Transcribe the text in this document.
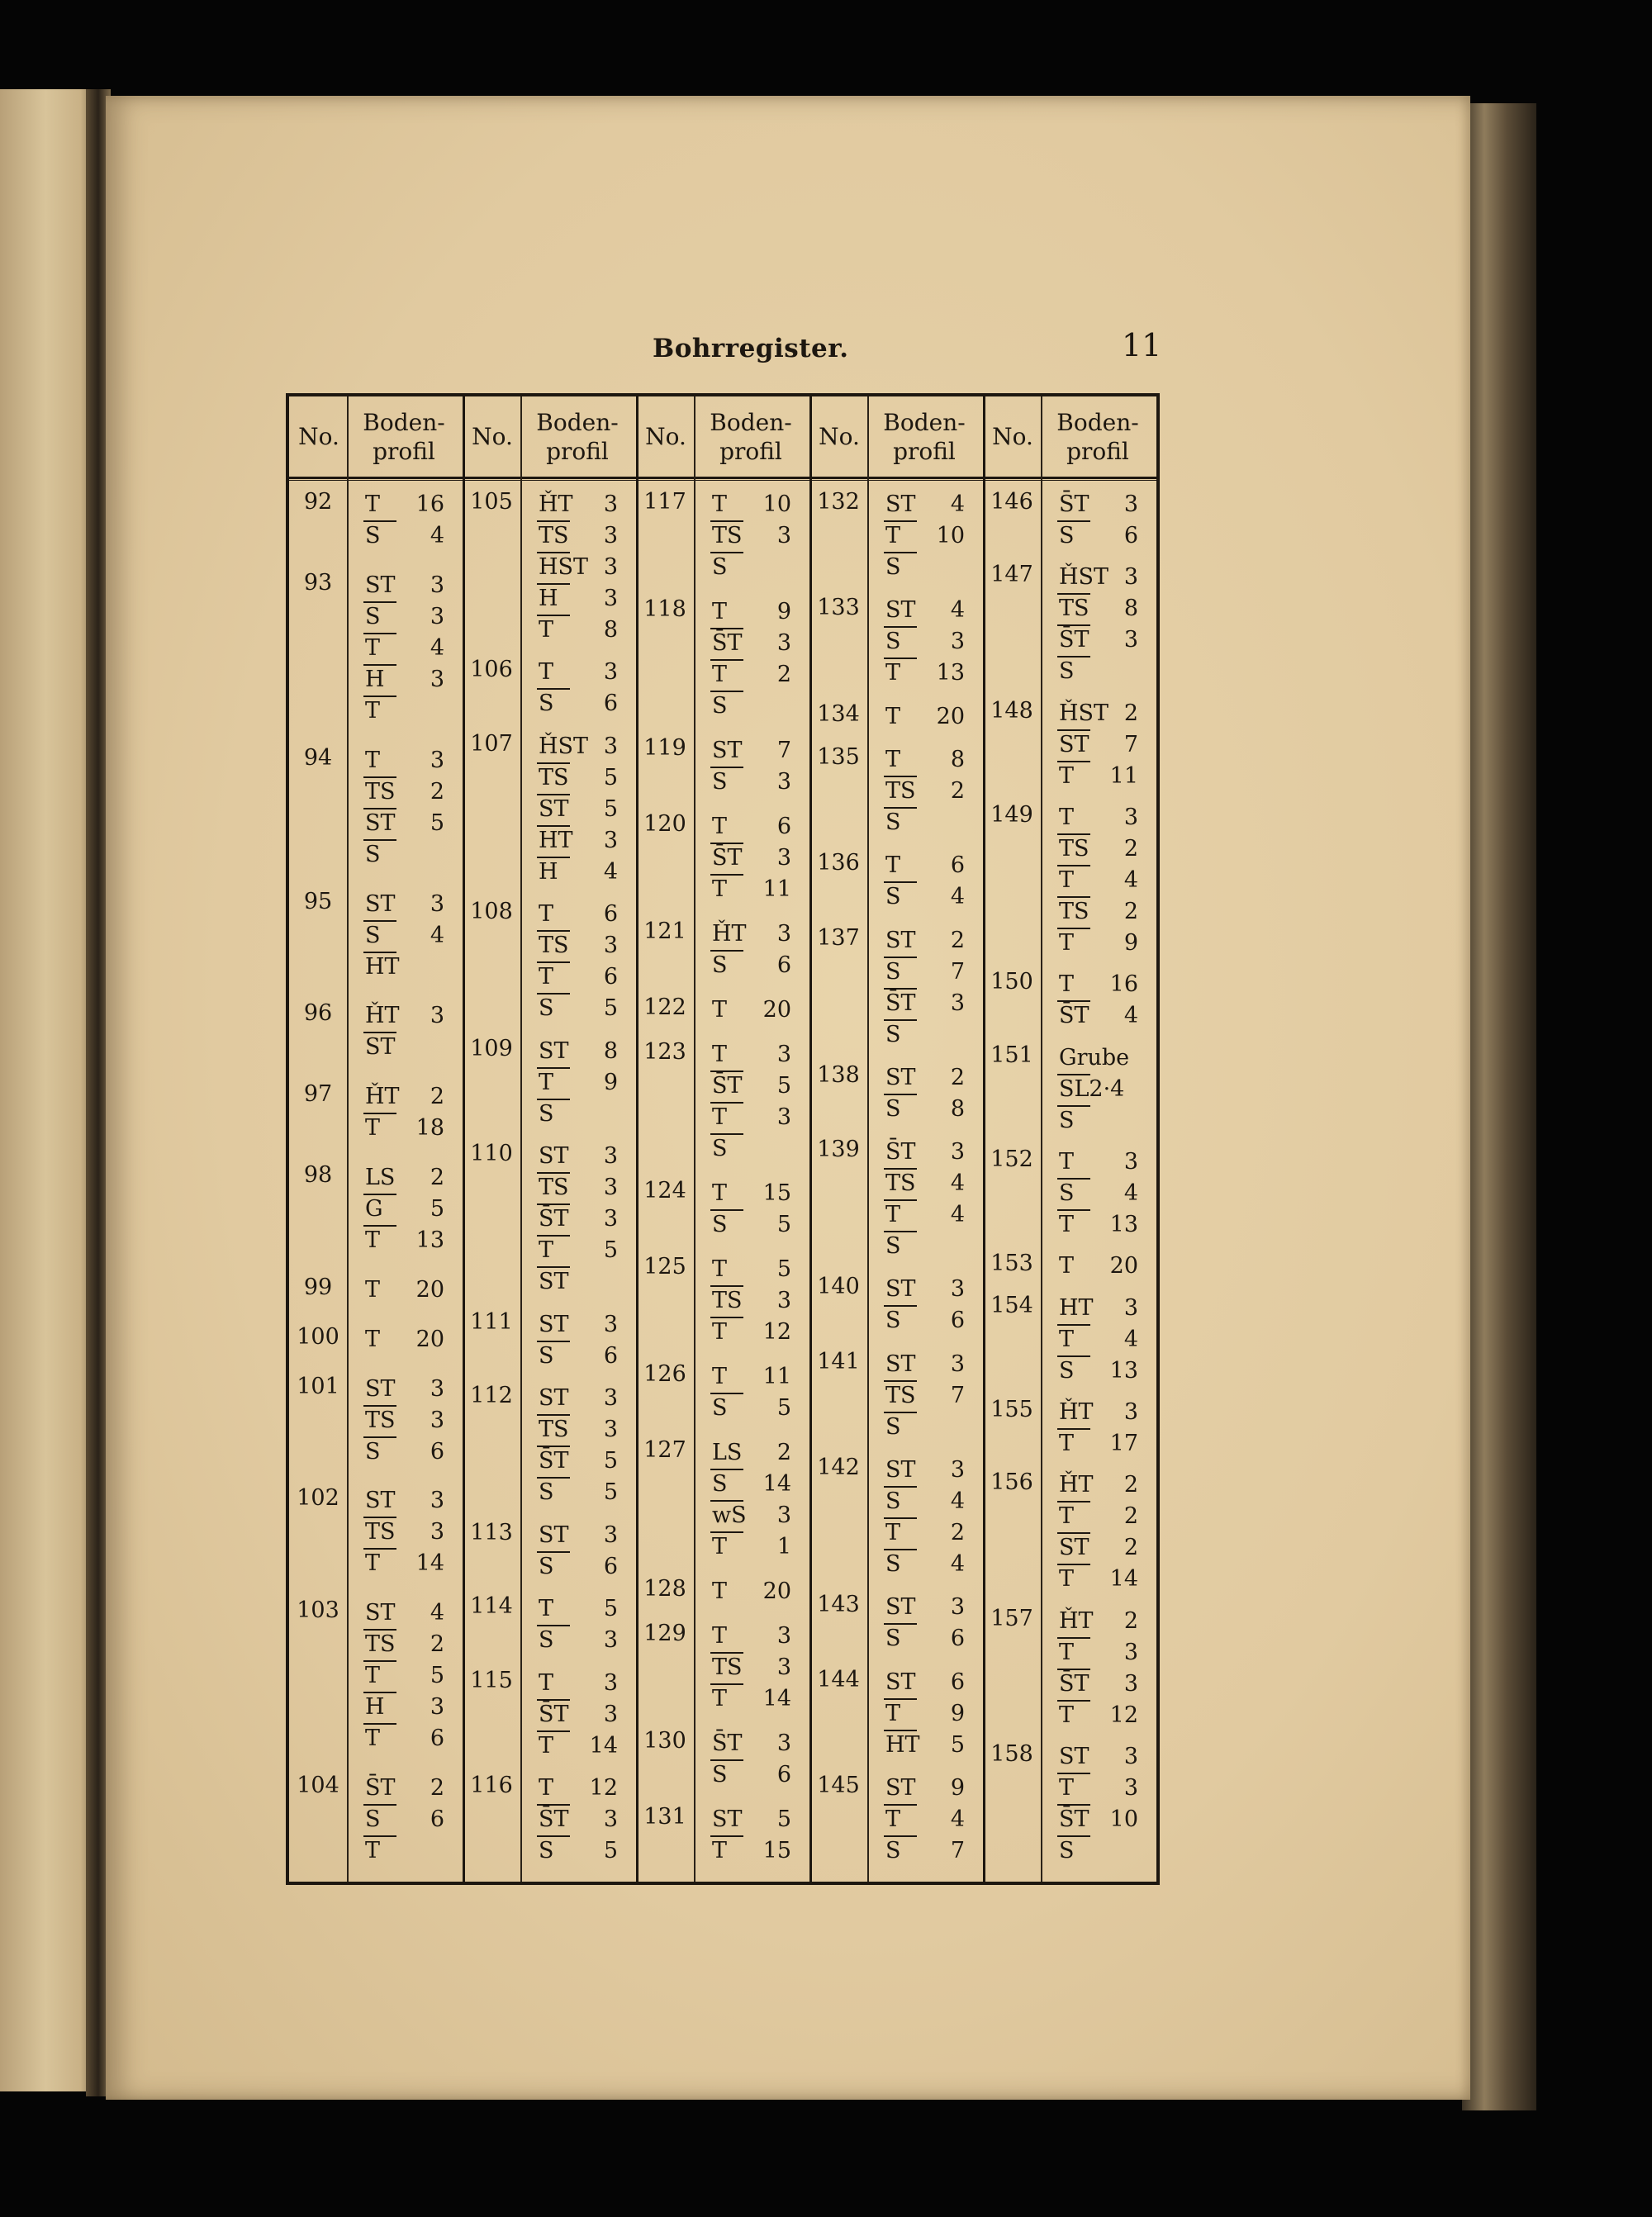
Bohrregister.	11
No.
Boden-
profil
92	T 16
S 4
93	ST 3
S 3
T 4
H 3
T
94	T 3
TS 2
ST 5
S
95	ST 3
S 4
HT
96	ȞT 3
ST
97	ȞT 2
T 18
98	LS 2
G 5
T 13
99	T 20
100 T 20
101 ST 3
TS 3
S 6
102 ST 3
TS 3
T 14
103 ST 4
TS 2
T 5
H 3
T 6
104 S̄T 2
S 6
T
No.
Boden-
profil
105 ȞT 3
TS 3
HST 3
H 3
T 8
106 T 3
S 6
107 ȞST 3
TS 5
ST 5
HT 3
H 4
108 T 6
TS 3
T 6
S 5
109 ST 8
T 9
S
110 ST 3
TS 3
S̄T 3
T 5
ST
111 ST 3
S 6
112 ST 3
TS 3
S̄T 5
S 5
113 ST 3
S 6
114 T 5
S 3
115 T 3
S̄T 3
T 14
116 T 12
S̄T 3
S 5
No.
Boden-
profil
117 T 10
TS 3
S
118 T 9
S̄T 3
T 2
S
119 ST 7
S 3
120 T 6
S̄T 3
T 11
121 ȞT 3
S 6
122 T 20
123 T 3
S̄T 5
T 3
S
124 T 15
S 5
125 T 5
TS 3
T 12
126 T 11
S 5
127 LS 2
S 14
wS 3
T 1
128 T 20
129 T 3
TS 3
T 14
130 S̄T 3
S 6
131 ST 5
T 15
No.
Boden-
profil
132 ST 4
T 10
S
133 ST 4
S 3
T 13
134 T 20
135 T 8
TS 2
S
136 T 6
S 4
137 ST 2
S 7
S̄T 3
S
138 ST 2
S 8
139 S̄T 3
TS 4
T 4
S
140 ST 3
S 6
141 ST 3
TS 7
S
142 ST 3
S 4
T 2
S 4
143 ST 3
S 6
144 ST 6
T 9
HT 5
145 ST 9
T 4
S 7
No.
Boden-
profil
146 S̄T 3
S 6
147 ȞST 3
TS 8
S̄T 3
S
148 ȞST 2
ST 7
T 11
149 T 3
TS 2
T 4
TS 2
T 9
150 T 16
S̄T 4
151 Grube
SL2·4
S
152 T 3
S 4
T 13
153 T 20
154 HT 3
T 4
S 13
155 ȞT 3
T 17
156 ȞT 2
T 2
ST 2
T 14
157 ȞT 2
T 3
S̄T 3
T 12
158 ST 3
T 3
S̄T 10
S
